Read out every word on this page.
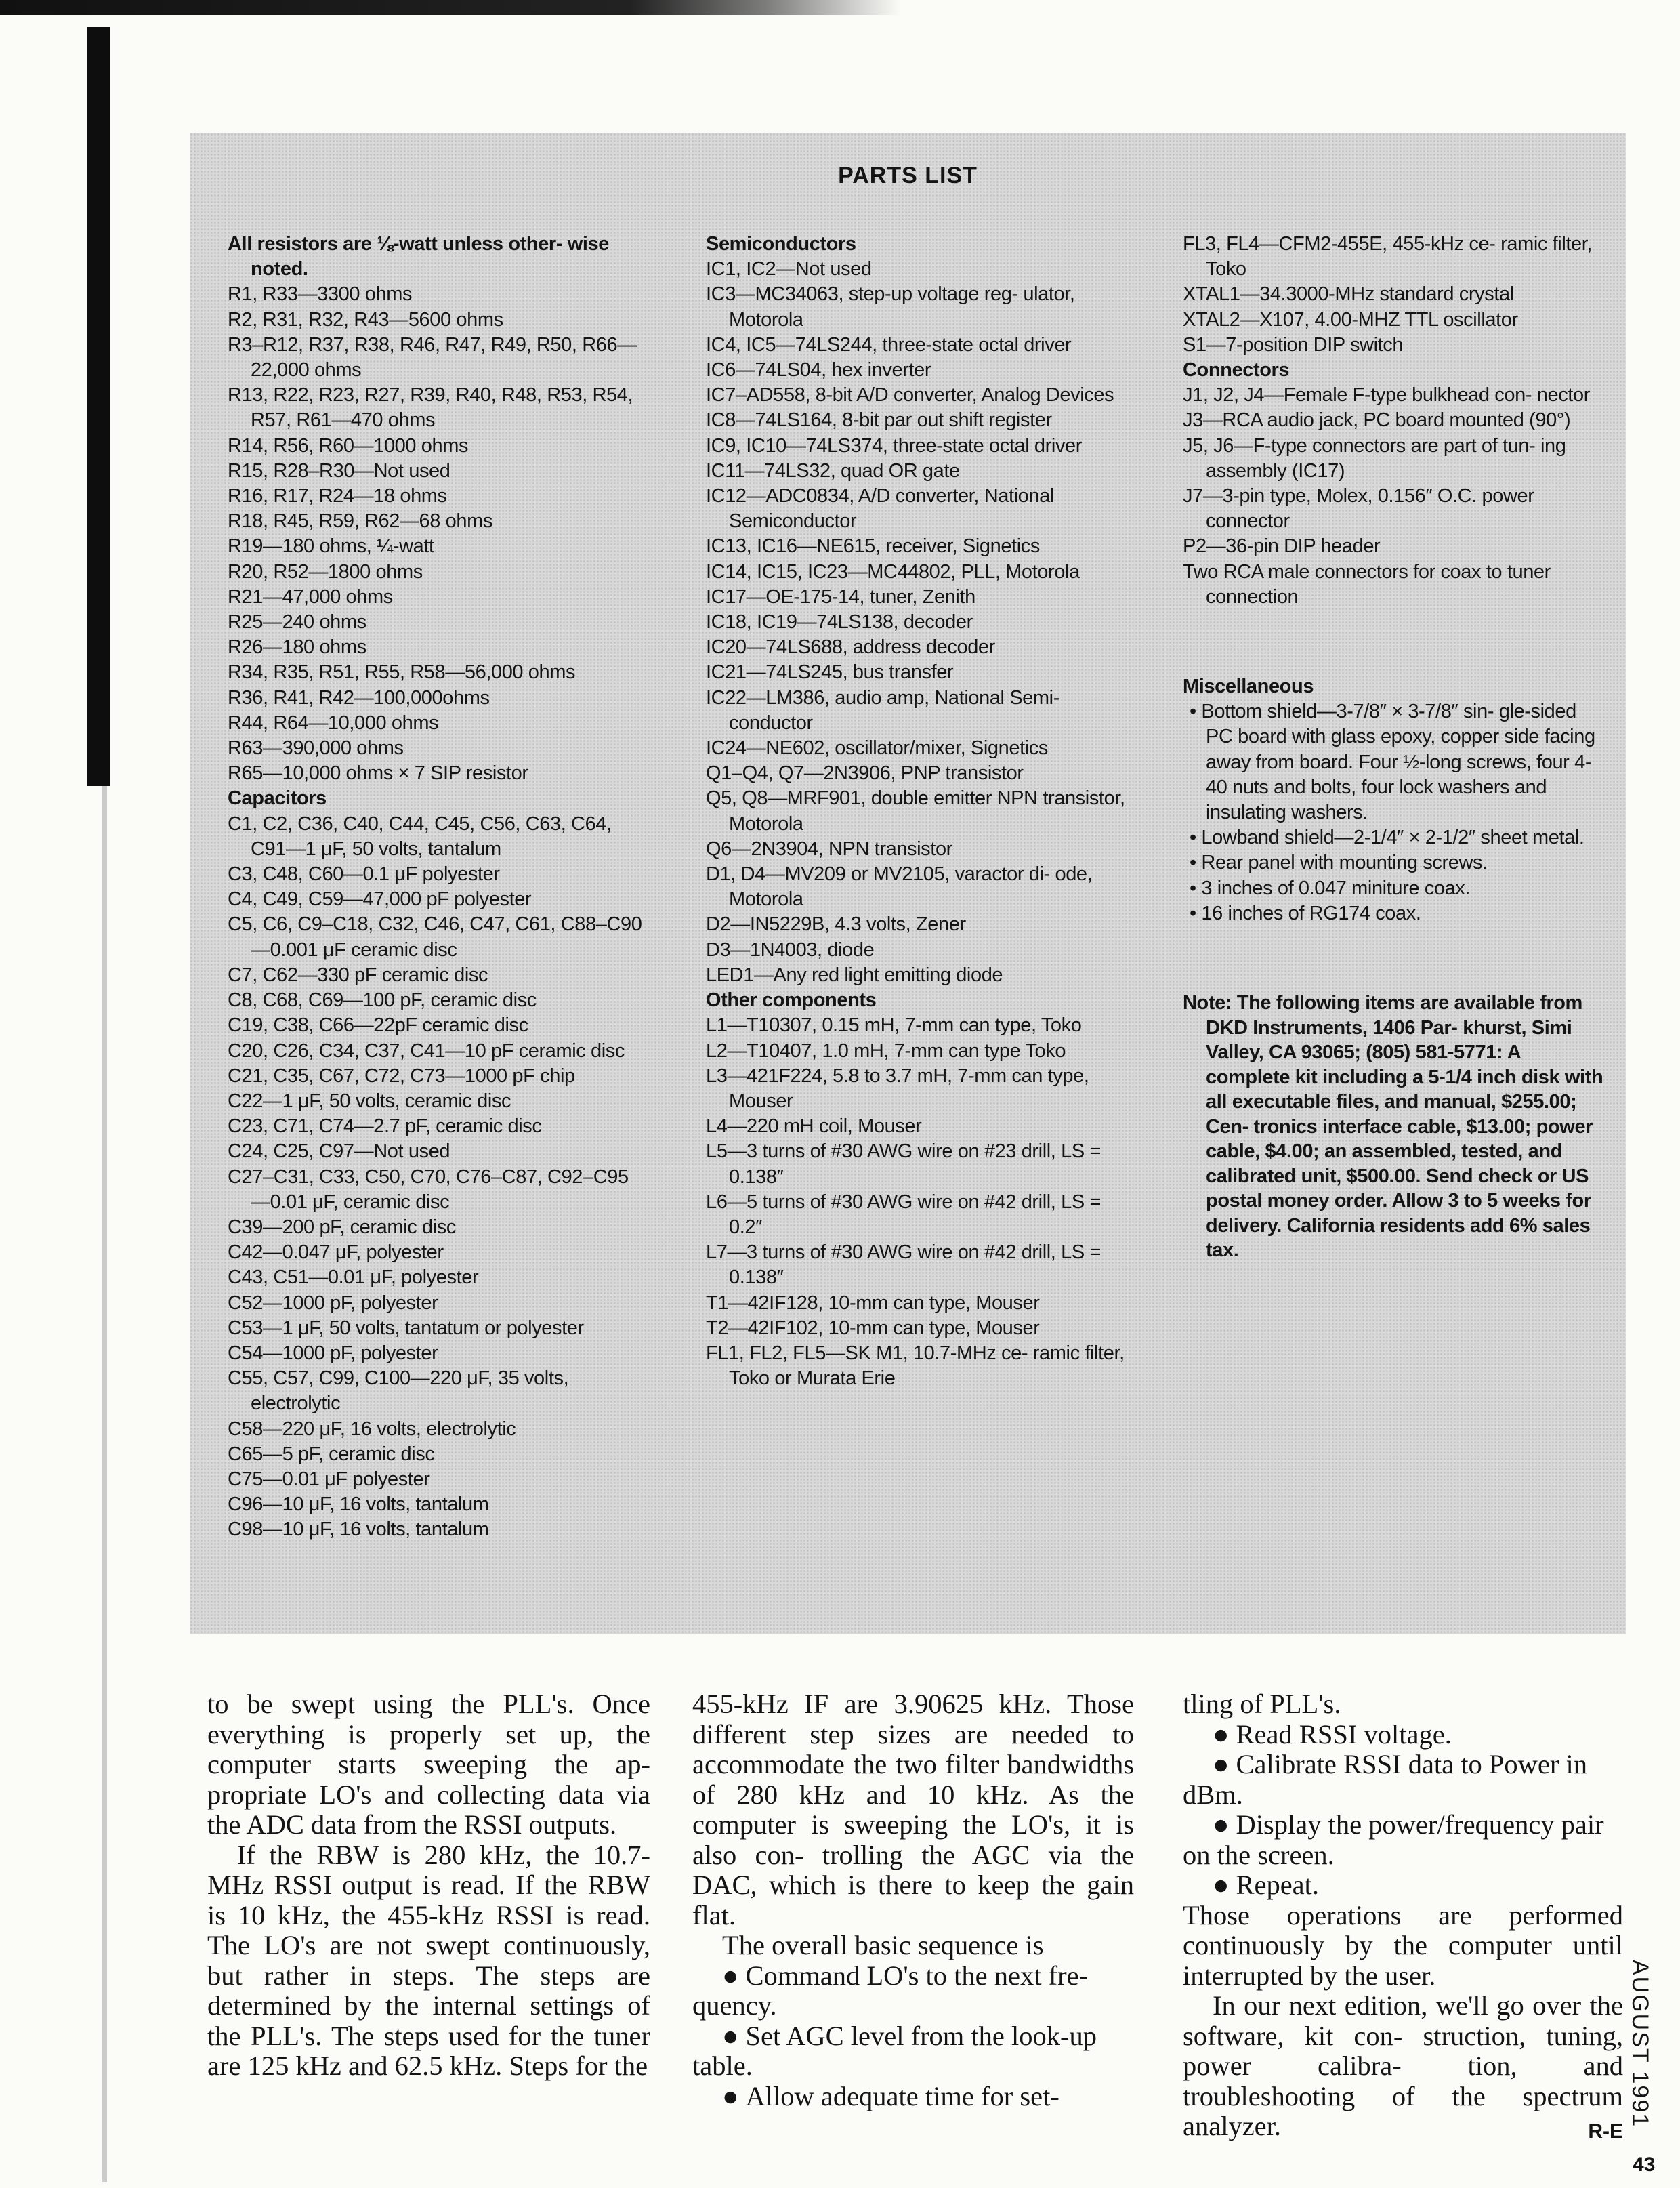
PARTS LIST

All resistors are ⅛-watt unless other- wise noted.

R1, R33—3300 ohms

R2, R31, R32, R43—5600 ohms

R3–R12, R37, R38, R46, R47, R49, R50, R66—22,000 ohms

R13, R22, R23, R27, R39, R40, R48, R53, R54, R57, R61—470 ohms

R14, R56, R60—1000 ohms

R15, R28–R30—Not used

R16, R17, R24—18 ohms

R18, R45, R59, R62—68 ohms

R19—180 ohms, ¼-watt

R20, R52—1800 ohms

R21—47,000 ohms

R25—240 ohms

R26—180 ohms

R34, R35, R51, R55, R58—56,000 ohms

R36, R41, R42—100,000ohms

R44, R64—10,000 ohms

R63—390,000 ohms

R65—10,000 ohms × 7 SIP resistor

Capacitors

C1, C2, C36, C40, C44, C45, C56, C63, C64, C91—1 μF, 50 volts, tantalum

C3, C48, C60—0.1 μF polyester

C4, C49, C59—47,000 pF polyester

C5, C6, C9–C18, C32, C46, C47, C61, C88–C90—0.001 μF ceramic disc

C7, C62—330 pF ceramic disc

C8, C68, C69—100 pF, ceramic disc

C19, C38, C66—22pF ceramic disc

C20, C26, C34, C37, C41—10 pF ceramic disc

C21, C35, C67, C72, C73—1000 pF chip

C22—1 μF, 50 volts, ceramic disc

C23, C71, C74—2.7 pF, ceramic disc

C24, C25, C97—Not used

C27–C31, C33, C50, C70, C76–C87, C92–C95—0.01 μF, ceramic disc

C39—200 pF, ceramic disc

C42—0.047 μF, polyester

C43, C51—0.01 μF, polyester

C52—1000 pF, polyester

C53—1 μF, 50 volts, tantatum or polyester

C54—1000 pF, polyester

C55, C57, C99, C100—220 μF, 35 volts, electrolytic

C58—220 μF, 16 volts, electrolytic

C65—5 pF, ceramic disc

C75—0.01 μF polyester

C96—10 μF, 16 volts, tantalum

C98—10 μF, 16 volts, tantalum

Semiconductors

IC1, IC2—Not used

IC3—MC34063, step-up voltage reg- ulator, Motorola

IC4, IC5—74LS244, three-state octal driver

IC6—74LS04, hex inverter

IC7–AD558, 8-bit A/D converter, Analog Devices

IC8—74LS164, 8-bit par out shift register

IC9, IC10—74LS374, three-state octal driver

IC11—74LS32, quad OR gate

IC12—ADC0834, A/D converter, National Semiconductor

IC13, IC16—NE615, receiver, Signetics

IC14, IC15, IC23—MC44802, PLL, Motorola

IC17—OE-175-14, tuner, Zenith

IC18, IC19—74LS138, decoder

IC20—74LS688, address decoder

IC21—74LS245, bus transfer

IC22—LM386, audio amp, National Semi- conductor

IC24—NE602, oscillator/mixer, Signetics

Q1–Q4, Q7—2N3906, PNP transistor

Q5, Q8—MRF901, double emitter NPN transistor, Motorola

Q6—2N3904, NPN transistor

D1, D4—MV209 or MV2105, varactor di- ode, Motorola

D2—IN5229B, 4.3 volts, Zener

D3—1N4003, diode

LED1—Any red light emitting diode

Other components

L1—T10307, 0.15 mH, 7-mm can type, Toko

L2—T10407, 1.0 mH, 7-mm can type Toko

L3—421F224, 5.8 to 3.7 mH, 7-mm can type, Mouser

L4—220 mH coil, Mouser

L5—3 turns of #30 AWG wire on #23 drill, LS = 0.138″

L6—5 turns of #30 AWG wire on #42 drill, LS = 0.2″

L7—3 turns of #30 AWG wire on #42 drill, LS = 0.138″

T1—42IF128, 10-mm can type, Mouser

T2—42IF102, 10-mm can type, Mouser

FL1, FL2, FL5—SK M1, 10.7-MHz ce- ramic filter, Toko or Murata Erie

FL3, FL4—CFM2-455E, 455-kHz ce- ramic filter, Toko

XTAL1—34.3000-MHz standard crystal

XTAL2—X107, 4.00-MHZ TTL oscillator

S1—7-position DIP switch

Connectors

J1, J2, J4—Female F-type bulkhead con- nector

J3—RCA audio jack, PC board mounted (90°)

J5, J6—F-type connectors are part of tun- ing assembly (IC17)

J7—3-pin type, Molex, 0.156″ O.C. power connector

P2—36-pin DIP header

Two RCA male connectors for coax to tuner connection

Miscellaneous

• Bottom shield—3-7/8″ × 3-7/8″ sin- gle-sided PC board with glass epoxy, copper side facing away from board. Four ½-long screws, four 4-40 nuts and bolts, four lock washers and insulating washers.

• Lowband shield—2-1/4″ × 2-1/2″ sheet metal.

• Rear panel with mounting screws.

• 3 inches of 0.047 miniture coax.

• 16 inches of RG174 coax.

Note: The following items are available from DKD Instruments, 1406 Par- khurst, Simi Valley, CA 93065; (805) 581-5771: A complete kit including a 5-1/4 inch disk with all executable files, and manual, $255.00; Cen- tronics interface cable, $13.00; power cable, $4.00; an assembled, tested, and calibrated unit, $500.00. Send check or US postal money order. Allow 3 to 5 weeks for delivery. California residents add 6% sales tax.

to be swept using the PLL's. Once everything is properly set up, the computer starts sweeping the ap- propriate LO's and collecting data via the ADC data from the RSSI outputs.

If the RBW is 280 kHz, the 10.7-MHz RSSI output is read. If the RBW is 10 kHz, the 455-kHz RSSI is read. The LO's are not swept continuously, but rather in steps. The steps are determined by the internal settings of the PLL's. The steps used for the tuner are 125 kHz and 62.5 kHz. Steps for the

455-kHz IF are 3.90625 kHz. Those different step sizes are needed to accommodate the two filter bandwidths of 280 kHz and 10 kHz. As the computer is sweeping the LO's, it is also con- trolling the AGC via the DAC, which is there to keep the gain flat.

The overall basic sequence is

● Command LO's to the next fre- quency.

● Set AGC level from the look-up table.

● Allow adequate time for set-

tling of PLL's.

● Read RSSI voltage.

● Calibrate RSSI data to Power in dBm.

● Display the power/frequency pair on the screen.

● Repeat.

Those operations are performed continuously by the computer until interrupted by the user.

In our next edition, we'll go over the software, kit con- struction, tuning, power calibra- tion, and troubleshooting of the spectrum analyzer.	R-E

AUGUST 1991
43
